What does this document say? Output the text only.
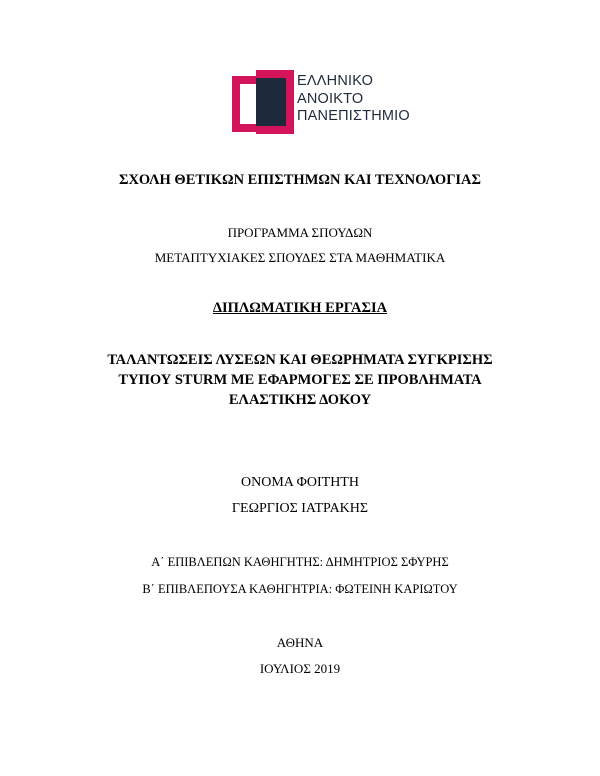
ΕΛΛΗΝΙΚΟ
ΑΝΟΙΚΤΟ
ΠΑΝΕΠΙΣΤΗΜΙΟ
ΣΧΟΛΗ ΘΕΤΙΚΩΝ ΕΠΙΣΤΗΜΩΝ ΚΑΙ ΤΕΧΝΟΛΟΓΙΑΣ
ΠΡΟΓΡΑΜΜΑ ΣΠΟΥΔΩΝ
ΜΕΤΑΠΤΥΧΙΑΚΕΣ ΣΠΟΥΔΕΣ ΣΤΑ ΜΑΘΗΜΑΤΙΚΑ
ΔΙΠΛΩΜΑΤΙΚΗ ΕΡΓΑΣΙΑ
ΤΑΛΑΝΤΩΣΕΙΣ ΛΥΣΕΩΝ ΚΑΙ ΘΕΩΡΗΜΑΤΑ ΣΥΓΚΡΙΣΗΣ
ΤΥΠΟΥ STURM ΜΕ ΕΦΑΡΜΟΓΕΣ ΣΕ ΠΡΟΒΛΗΜΑΤΑ
ΕΛΑΣΤΙΚΗΣ ΔΟΚΟΥ
ΟΝΟΜΑ ΦΟΙΤΗΤΗ
ΓΕΩΡΓΙΟΣ ΙΑΤΡΑΚΗΣ
Α΄ ΕΠΙΒΛΕΠΩΝ ΚΑΘΗΓΗΤΗΣ: ΔΗΜΗΤΡΙΟΣ ΣΦΥΡΗΣ
Β΄ ΕΠΙΒΛΕΠΟΥΣΑ ΚΑΘΗΓΗΤΡΙΑ: ΦΩΤΕΙΝΗ ΚΑΡΙΩΤΟΥ
ΑΘΗΝΑ
ΙΟΥΛΙΟΣ 2019
